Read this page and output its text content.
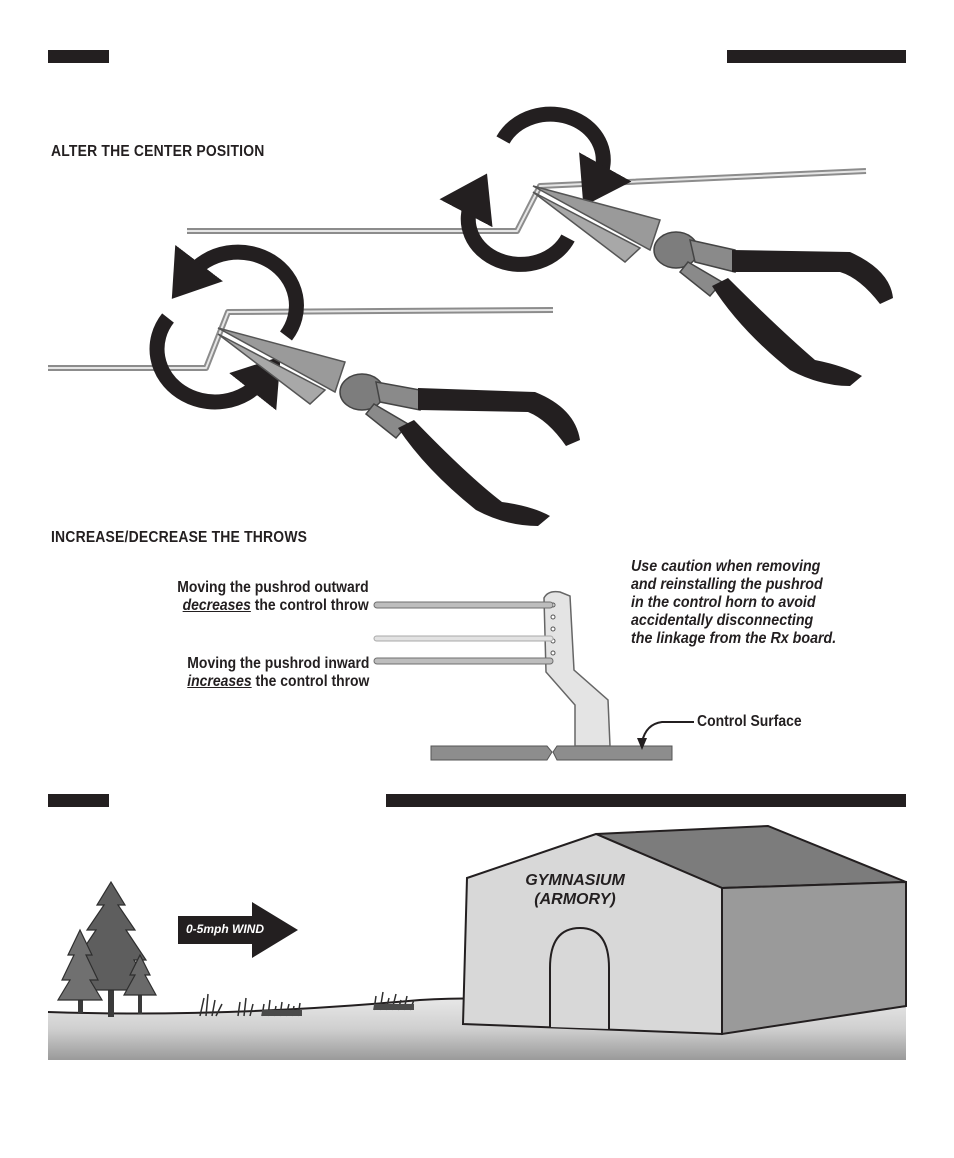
ALTER THE CENTER POSITION
INCREASE/DECREASE THE THROWS
Moving the pushrod outward
decreases the control throw
Moving the pushrod inward
increases the control throw
Use caution when removing
and reinstalling the pushrod
in the control horn to avoid
accidentally disconnecting
the linkage from the Rx board.
Control Surface
0-5mph WIND
GYMNASIUM
(ARMORY)
